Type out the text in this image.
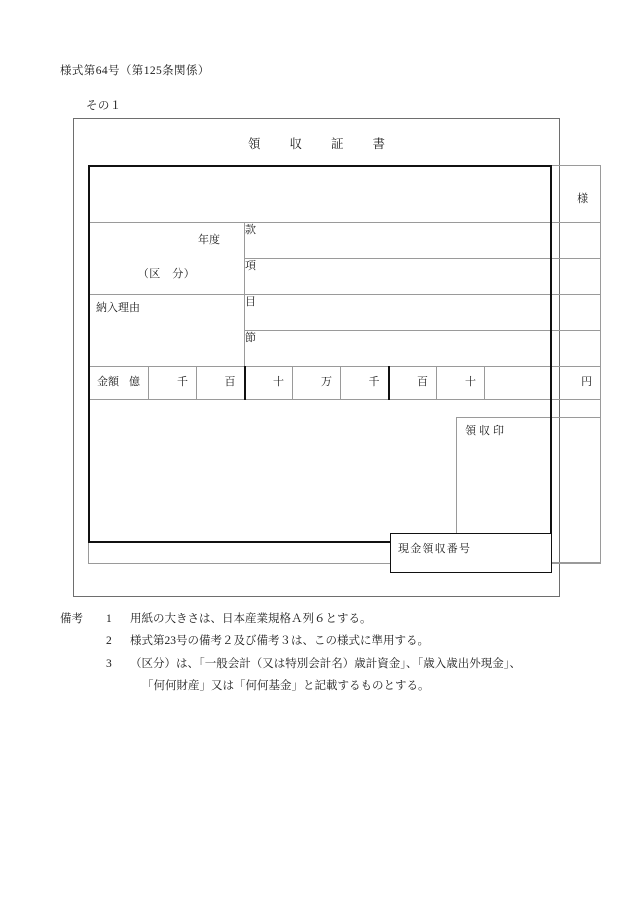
様式第64号（第125条関係）
その１
領収証書
様								

年度
（区　分）			款					
			項					

納入理由			目					
			節					

金額 億	千	百	十	万	千	百	十	円

領収印								
現金領収番号
備考	1	用紙の大きさは、日本産業規格Ａ列６とする。
2	様式第23号の備考２及び備考３は、この様式に準用する。
3	（区分）は、「一般会計（又は特別会計名）歳計資金」、「歳入歳出外現金」、
「何何財産」又は「何何基金」と記載するものとする。
